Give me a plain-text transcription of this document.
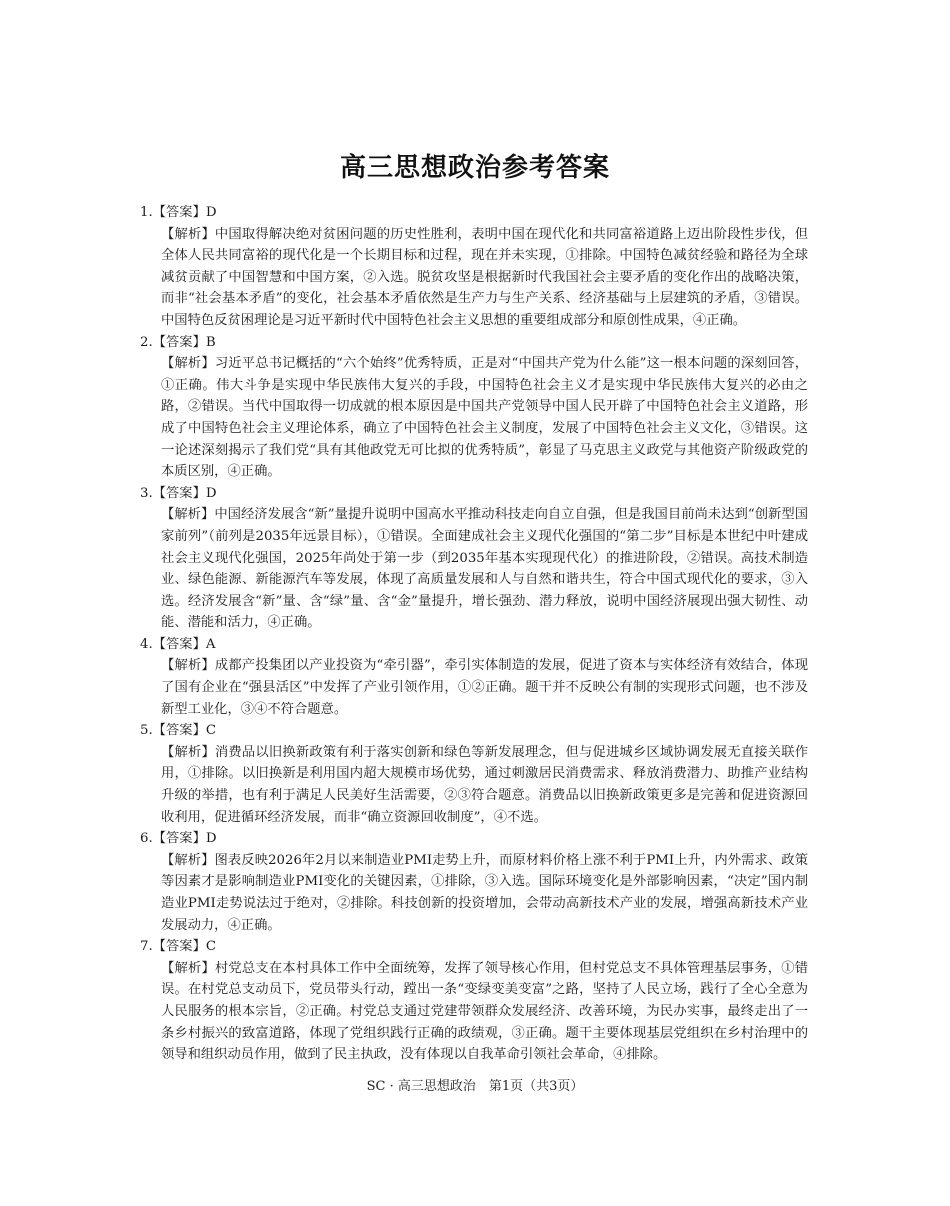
高三思想政治参考答案
1.【答案】D
【解析】中国取得解决绝对贫困问题的历史性胜利，表明中国在现代化和共同富裕道路上迈出阶段性步伐，但全体人民共同富裕的现代化是一个长期目标和过程，现在并未实现，①排除。中国特色减贫经验和路径为全球减贫贡献了中国智慧和中国方案，②入选。脱贫攻坚是根据新时代我国社会主要矛盾的变化作出的战略决策，而非“社会基本矛盾”的变化，社会基本矛盾依然是生产力与生产关系、经济基础与上层建筑的矛盾，③错误。中国特色反贫困理论是习近平新时代中国特色社会主义思想的重要组成部分和原创性成果，④正确。
2.【答案】B
【解析】习近平总书记概括的“六个始终”优秀特质，正是对“中国共产党为什么能”这一根本问题的深刻回答，①正确。伟大斗争是实现中华民族伟大复兴的手段，中国特色社会主义才是实现中华民族伟大复兴的必由之路，②错误。当代中国取得一切成就的根本原因是中国共产党领导中国人民开辟了中国特色社会主义道路，形成了中国特色社会主义理论体系，确立了中国特色社会主义制度，发展了中国特色社会主义文化，③错误。这一论述深刻揭示了我们党“具有其他政党无可比拟的优秀特质”，彰显了马克思主义政党与其他资产阶级政党的本质区别，④正确。
3.【答案】D
【解析】中国经济发展含“新”量提升说明中国高水平推动科技走向自立自强，但是我国目前尚未达到“创新型国家前列”（前列是2035年远景目标），①错误。全面建成社会主义现代化强国的“第二步”目标是本世纪中叶建成社会主义现代化强国，2025年尚处于第一步（到2035年基本实现现代化）的推进阶段，②错误。高技术制造业、绿色能源、新能源汽车等发展，体现了高质量发展和人与自然和谐共生，符合中国式现代化的要求，③入选。经济发展含“新”量、含“绿”量、含“金”量提升，增长强劲、潜力释放，说明中国经济展现出强大韧性、动能、潜能和活力，④正确。
4.【答案】A
【解析】成都产投集团以产业投资为“牵引器”，牵引实体制造的发展，促进了资本与实体经济有效结合，体现了国有企业在“强县活区”中发挥了产业引领作用，①②正确。题干并不反映公有制的实现形式问题，也不涉及新型工业化，③④不符合题意。
5.【答案】C
【解析】消费品以旧换新政策有利于落实创新和绿色等新发展理念，但与促进城乡区域协调发展无直接关联作用，①排除。以旧换新是利用国内超大规模市场优势，通过刺激居民消费需求、释放消费潜力、助推产业结构升级的举措，也有利于满足人民美好生活需要，②③符合题意。消费品以旧换新政策更多是完善和促进资源回收利用，促进循环经济发展，而非“确立资源回收制度”，④不选。
6.【答案】D
【解析】图表反映2026年2月以来制造业PMI走势上升，而原材料价格上涨不利于PMI上升，内外需求、政策等因素才是影响制造业PMI变化的关键因素，①排除，③入选。国际环境变化是外部影响因素，“决定”国内制造业PMI走势说法过于绝对，②排除。科技创新的投资增加，会带动高新技术产业的发展，增强高新技术产业发展动力，④正确。
7.【答案】C
【解析】村党总支在本村具体工作中全面统筹，发挥了领导核心作用，但村党总支不具体管理基层事务，①错误。在村党总支动员下，党员带头行动，蹚出一条“变绿变美变富”之路，坚持了人民立场，践行了全心全意为人民服务的根本宗旨，②正确。村党总支通过党建带领群众发展经济、改善环境，为民办实事，最终走出了一条乡村振兴的致富道路，体现了党组织践行正确的政绩观，③正确。题干主要体现基层党组织在乡村治理中的领导和组织动员作用，做到了民主执政，没有体现以自我革命引领社会革命，④排除。
SC · 高三思想政治　第1页（共3页）
